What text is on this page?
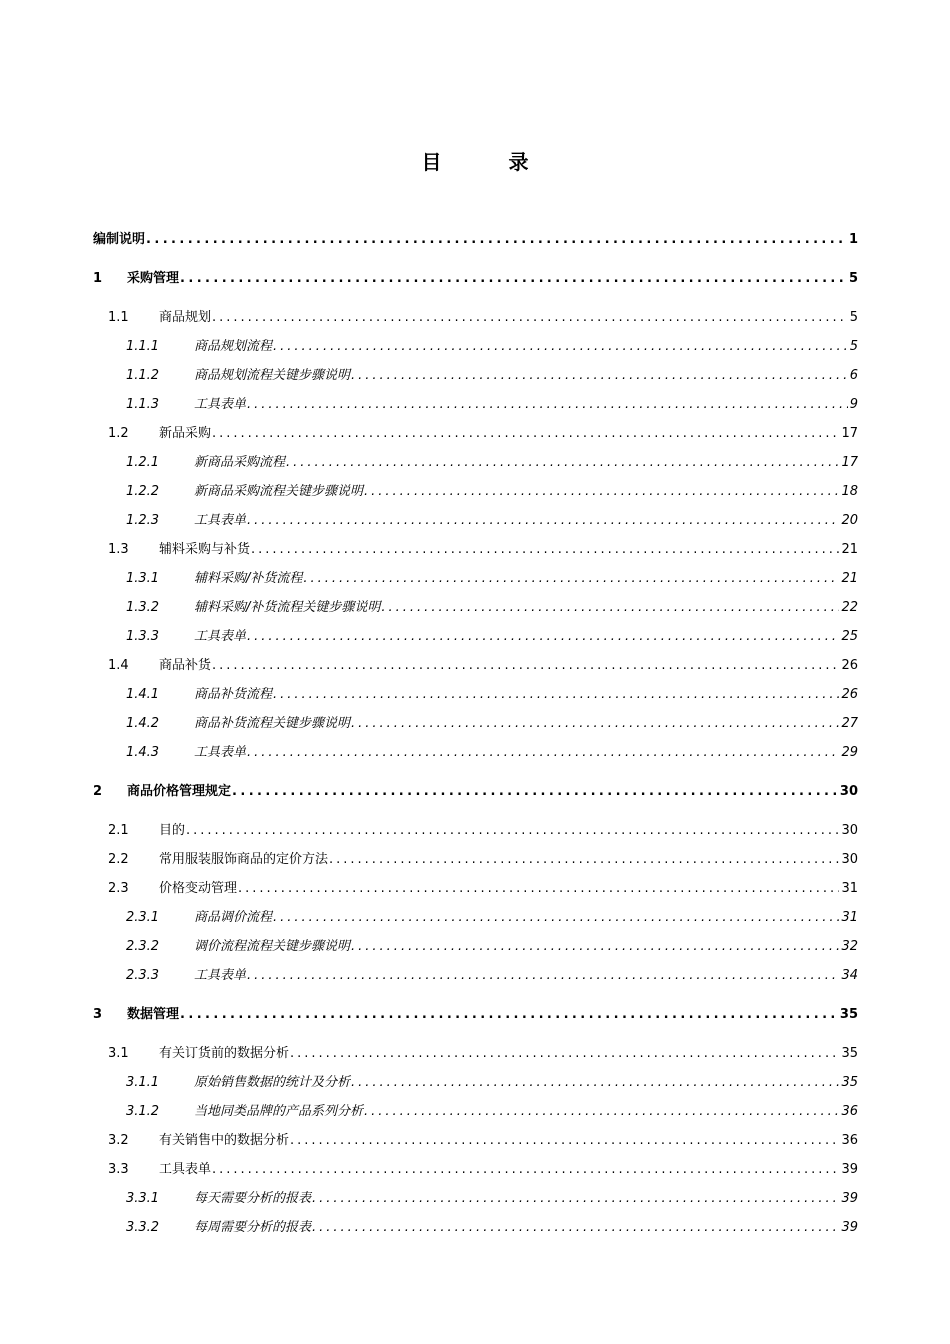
目 录
编制说明 .....	1
1	采购管理 .....	5
1.1	商品规划 .....	5
1.1.1	商品规划流程 .....	5
1.1.2	商品规划流程关键步骤说明 .....	6
1.1.3	工具表单 .....	9
1.2	新品采购 .....	17
1.2.1	新商品采购流程 .....	17
1.2.2	新商品采购流程关键步骤说明 .....	18
1.2.3	工具表单 .....	20
1.3	辅料采购与补货 .....	21
1.3.1	辅料采购/补货流程 .....	21
1.3.2	辅料采购/补货流程关键步骤说明 .....	22
1.3.3	工具表单 .....	25
1.4	商品补货 .....	26
1.4.1	商品补货流程 .....	26
1.4.2	商品补货流程关键步骤说明 .....	27
1.4.3	工具表单 .....	29
2	商品价格管理规定 .....	30
2.1	目的 .....	30
2.2	常用服装服饰商品的定价方法 .....	30
2.3	价格变动管理 .....	31
2.3.1	商品调价流程 .....	31
2.3.2	调价流程流程关键步骤说明 .....	32
2.3.3	工具表单 .....	34
3	数据管理 .....	35
3.1	有关订货前的数据分析 .....	35
3.1.1	原始销售数据的统计及分析 .....	35
3.1.2	当地同类品牌的产品系列分析 .....	36
3.2	有关销售中的数据分析 .....	36
3.3	工具表单 .....	39
3.3.1	每天需要分析的报表 .....	39
3.3.2	每周需要分析的报表 .....	39
